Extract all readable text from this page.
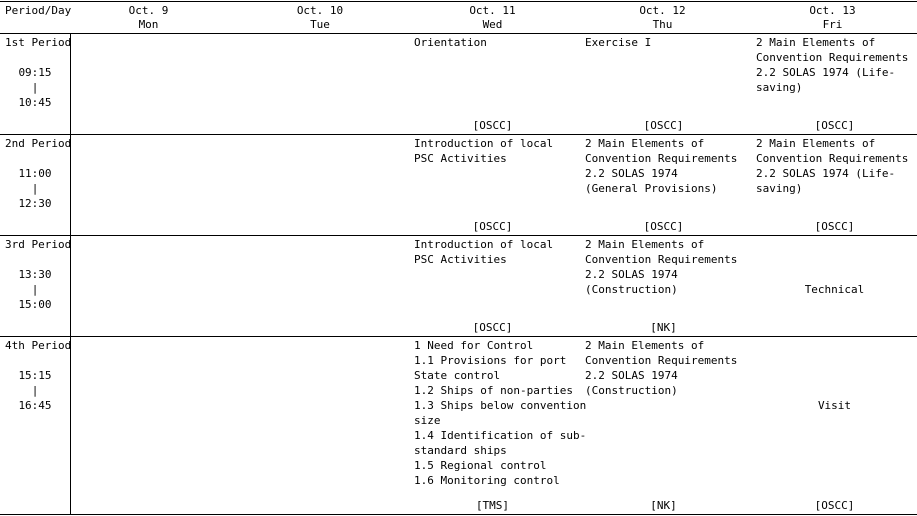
Period/Day	Oct. 9
Mon
Oct. 10
Tue
Oct. 11
Wed
Oct. 12
Thu
Oct. 13
Fri
1st Period
09:15
|
10:45
2nd Period
11:00
|
12:30
3rd Period
13:30
|
15:00
4th Period
15:15
|
16:45
Orientation
[OSCC]
Exercise I
[OSCC]
2 Main Elements of
Convention Requirements
2.2 SOLAS 1974 (Life-
saving)
[OSCC]
Introduction of local
PSC Activities
[OSCC]
2 Main Elements of
Convention Requirements
2.2 SOLAS 1974
(General Provisions)
[OSCC]
2 Main Elements of
Convention Requirements
2.2 SOLAS 1974 (Life-
saving)
[OSCC]
Introduction of local
PSC Activities
[OSCC]
2 Main Elements of
Convention Requirements
2.2 SOLAS 1974
(Construction)
[NK]
Technical
1 Need for Control
1.1 Provisions for port
State control
1.2 Ships of non-parties
1.3 Ships below convention
size
1.4 Identification of sub-
standard ships
1.5 Regional control
1.6 Monitoring control
[TMS]
2 Main Elements of
Convention Requirements
2.2 SOLAS 1974
(Construction)
[NK]
Visit
[OSCC]
